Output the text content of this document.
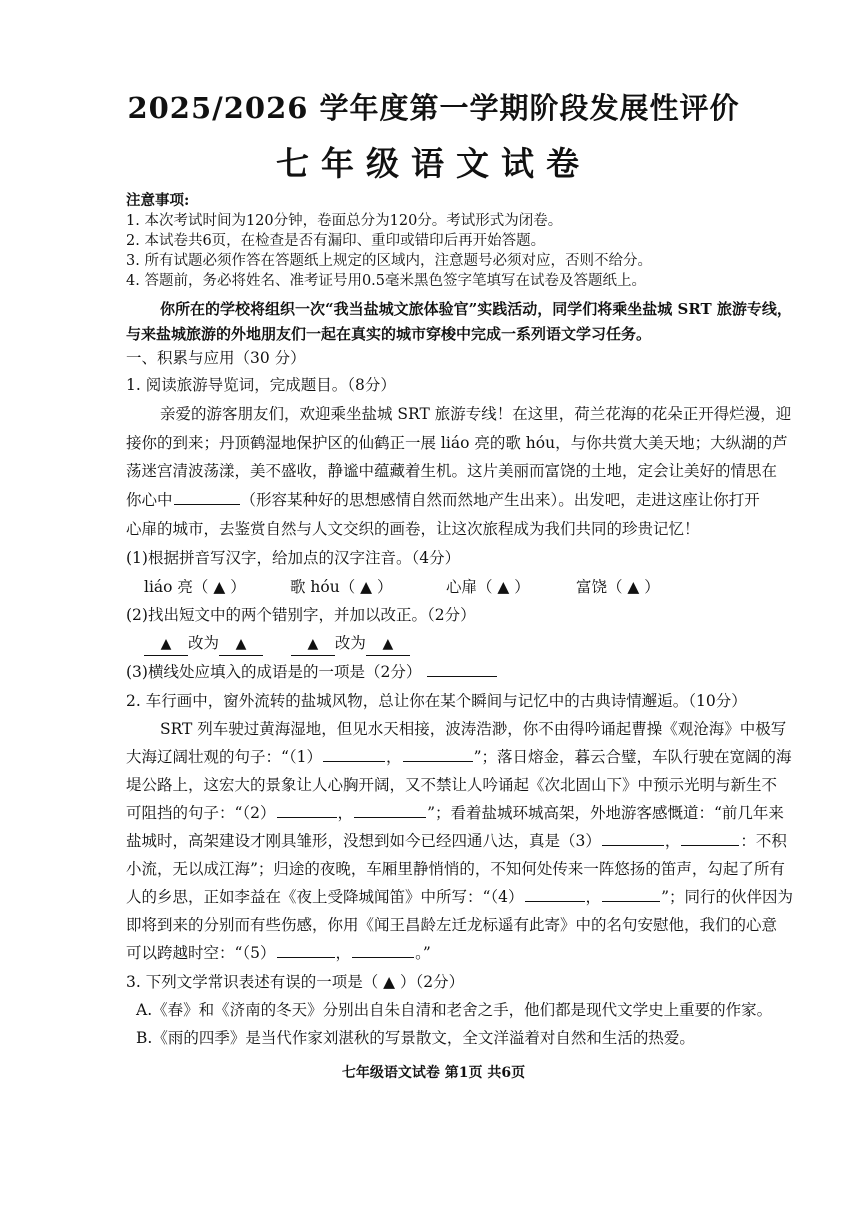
2025/2026 学年度第一学期阶段发展性评价
七年级语文试卷
注意事项:
1. 本次考试时间为120分钟，卷面总分为120分。考试形式为闭卷。
2. 本试卷共6页，在检查是否有漏印、重印或错印后再开始答题。
3. 所有试题必须作答在答题纸上规定的区域内，注意题号必须对应，否则不给分。
4. 答题前，务必将姓名、准考证号用0.5毫米黑色签字笔填写在试卷及答题纸上。
你所在的学校将组织一次“我当盐城文旅体验官”实践活动，同学们将乘坐盐城 SRT 旅游专线，
与来盐城旅游的外地朋友们一起在真实的城市穿梭中完成一系列语文学习任务。
一、积累与应用（30 分）
1. 阅读旅游导览词，完成题目。（8分）
亲爱的游客朋友们，欢迎乘坐盐城 SRT 旅游专线！在这里，荷兰花海的花朵正开得烂漫，迎
接你的到来；丹顶鹤湿地保护区的仙鹤正一展 liáo 亮的歌 hóu，与你共赏大美天地；大纵湖的芦
荡迷宫清波荡漾，美不盛收，静谧中蕴藏着生机。这片美丽而富饶的土地，定会让美好的情思在
你心中	（形容某种好的思想感情自然而然地产生出来）。出发吧，走进这座让你打开
心扉的城市，去鉴赏自然与人文交织的画卷，让这次旅程成为我们共同的珍贵记忆！
(1)根据拼音写汉字，给加点的汉字注音。（4分）
liáo 亮（ ▲ ）	歌 hóu（ ▲ ）	心扉（ ▲ ）	富饶（ ▲ ）
(2)找出短文中的两个错别字，并加以改正。（2分）
▲ 改为 ▲	▲ 改为 ▲
(3)横线处应填入的成语是的一项是（2分）
2. 车行画中，窗外流转的盐城风物，总让你在某个瞬间与记忆中的古典诗情邂逅。（10分）
SRT 列车驶过黄海湿地，但见水天相接，波涛浩渺，你不由得吟诵起曹操《观沧海》中极写
大海辽阔壮观的句子：“（1）	，	”；落日熔金，暮云合璧，车队行驶在宽阔的海
堤公路上，这宏大的景象让人心胸开阔，又不禁让人吟诵起《次北固山下》中预示光明与新生不
可阻挡的句子：“（2）	，	”；看着盐城环城高架，外地游客感慨道：“前几年来
盐城时，高架建设才刚具雏形，没想到如今已经四通八达，真是（3）	，	：不积
小流，无以成江海”；归途的夜晚，车厢里静悄悄的，不知何处传来一阵悠扬的笛声，勾起了所有
人的乡思，正如李益在《夜上受降城闻笛》中所写：“（4）	，	”；同行的伙伴因为
即将到来的分别而有些伤感，你用《闻王昌龄左迁龙标遥有此寄》中的名句安慰他，我们的心意
可以跨越时空：“（5）	，	。”
3. 下列文学常识表述有误的一项是（ ▲ ）（2分）
A.《春》和《济南的冬天》分别出自朱自清和老舍之手，他们都是现代文学史上重要的作家。
B.《雨的四季》是当代作家刘湛秋的写景散文，全文洋溢着对自然和生活的热爱。
七年级语文试卷 第1页 共6页
